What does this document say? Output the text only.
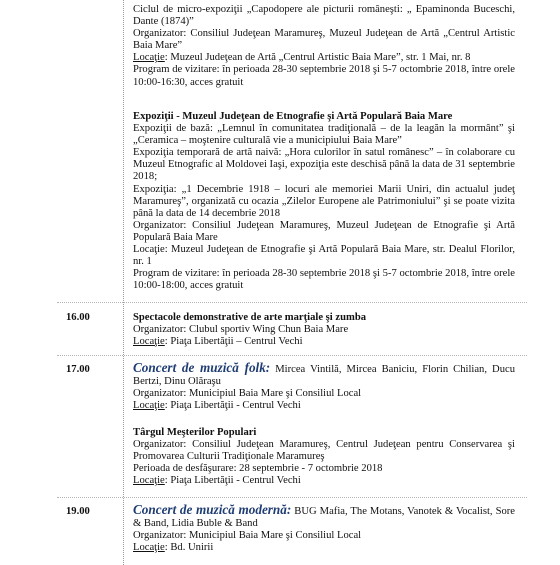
Ciclul de micro-expoziţii „Capodopere ale picturii româneşti: „ Epaminonda Buceschi, Dante (1874)”

Organizator: Consiliul Judeţean Maramureş, Muzeul Judeţean de Artă „Centrul Artistic Baia Mare”

Locaţie: Muzeul Judeţean de Artă „Centrul Artistic Baia Mare”, str. 1 Mai, nr. 8

Program de vizitare: în perioada 28-30 septembrie 2018 şi 5-7 octombrie 2018, între orele 10:00-16:30, acces gratuit

Expoziţii - Muzeul Judeţean de Etnografie şi Artă Populară Baia Mare

Expoziţii de bază: „Lemnul în comunitatea tradiţională – de la leagăn la mormânt” şi „Ceramica – moştenire culturală vie a municipiului Baia Mare”

Expoziţia temporară de artă naivă: „Hora culorilor în satul românesc” – în colaborare cu Muzeul Etnografic al Moldovei Iaşi, expoziţia este deschisă până la data de 31 septembrie 2018;

Expoziţia: „1 Decembrie 1918 – locuri ale memoriei Marii Uniri, din actualul judeţ Maramureş”, organizată cu ocazia „Zilelor Europene ale Patrimoniului” şi se poate vizita până la data de 14 decembrie 2018

Organizator: Consiliul Judeţean Maramureş, Muzeul Judeţean de Etnografie şi Artă Populară Baia Mare

Locaţie: Muzeul Judeţean de Etnografie şi Artă Populară Baia Mare, str. Dealul Florilor, nr. 1

Program de vizitare: în perioada 28-30 septembrie 2018 şi 5-7 octombrie 2018, între orele 10:00-18:00, acces gratuit

16.00	Spectacole demonstrative de arte marţiale şi zumba

Organizator: Clubul sportiv Wing Chun Baia Mare

Locaţie: Piaţa Libertăţii – Centrul Vechi

17.00	Concert de muzică folk: Mircea Vintilă, Mircea Baniciu, Florin Chilian, Ducu Bertzi, Dinu Olăraşu

Organizator: Municipiul Baia Mare şi Consiliul Local

Locaţie: Piaţa Libertăţii - Centrul Vechi

Târgul Meşterilor Populari

Organizator: Consiliul Judeţean Maramureş, Centrul Judeţean pentru Conservarea şi Promovarea Culturii Tradiţionale Maramureş

Perioada de desfăşurare: 28 septembrie - 7 octombrie 2018

Locaţie: Piaţa Libertăţii - Centrul Vechi

19.00	Concert de muzică modernă: BUG Mafia, The Motans, Vanotek & Vocalist, Sore & Band, Lidia Buble & Band

Organizator: Municipiul Baia Mare şi Consiliul Local

Locaţie: Bd. Unirii
